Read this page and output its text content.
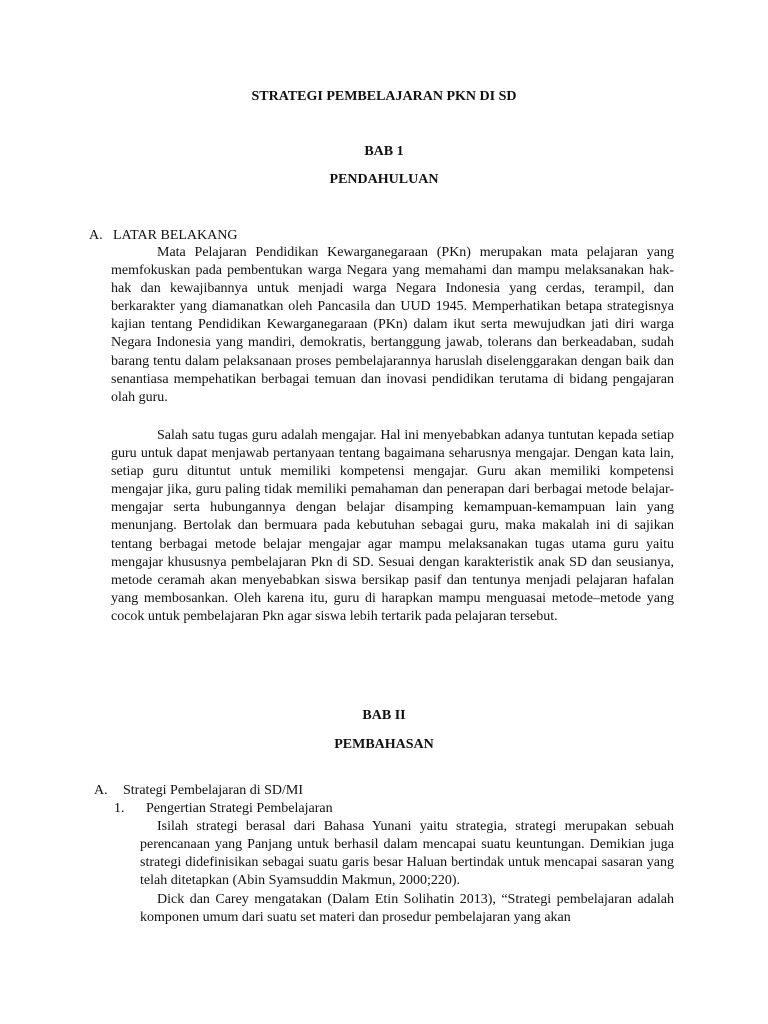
STRATEGI PEMBELAJARAN PKN DI SD
BAB 1
PENDAHULUAN
A. LATAR BELAKANG

Mata Pelajaran Pendidikan Kewarganegaraan (PKn) merupakan mata pelajaran yang memfokuskan pada pembentukan warga Negara yang memahami dan mampu melaksanakan hak-hak dan kewajibannya untuk menjadi warga Negara Indonesia yang cerdas, terampil, dan berkarakter yang diamanatkan oleh Pancasila dan UUD 1945. Memperhatikan betapa strategisnya kajian tentang Pendidikan Kewarganegaraan (PKn) dalam ikut serta mewujudkan jati diri warga Negara Indonesia yang mandiri, demokratis, bertanggung jawab, tolerans dan berkeadaban, sudah barang tentu dalam pelaksanaan proses pembelajarannya haruslah diselenggarakan dengan baik dan senantiasa mempehatikan berbagai temuan dan inovasi pendidikan terutama di bidang pengajaran olah guru.

Salah satu tugas guru adalah mengajar. Hal ini menyebabkan adanya tuntutan kepada setiap guru untuk dapat menjawab pertanyaan tentang bagaimana seharusnya mengajar. Dengan kata lain, setiap guru dituntut untuk memiliki kompetensi mengajar. Guru akan memiliki kompetensi mengajar jika, guru paling tidak memiliki pemahaman dan penerapan dari berbagai metode belajar- mengajar serta hubungannya dengan belajar disamping kemampuan-kemampuan lain yang menunjang. Bertolak dan bermuara pada kebutuhan sebagai guru, maka makalah ini di sajikan tentang berbagai metode belajar mengajar agar mampu melaksanakan tugas utama guru yaitu mengajar khususnya pembelajaran Pkn di SD. Sesuai dengan karakteristik anak SD dan seusianya, metode ceramah akan menyebabkan siswa bersikap pasif dan tentunya menjadi pelajaran hafalan yang membosankan. Oleh karena itu, guru di harapkan mampu menguasai metode–metode yang cocok untuk pembelajaran Pkn agar siswa lebih tertarik pada pelajaran tersebut.

BAB II
PEMBAHASAN
A. Strategi Pembelajaran di SD/MI
1. Pengertian Strategi Pembelajaran

Isilah strategi berasal dari Bahasa Yunani yaitu strategia, strategi merupakan sebuah perencanaan yang Panjang untuk berhasil dalam mencapai suatu keuntungan. Demikian juga strategi didefinisikan sebagai suatu garis besar Haluan bertindak untuk mencapai sasaran yang telah ditetapkan (Abin Syamsuddin Makmun, 2000;220).

Dick dan Carey mengatakan (Dalam Etin Solihatin 2013), “Strategi pembelajaran adalah komponen umum dari suatu set materi dan prosedur pembelajaran yang akan
